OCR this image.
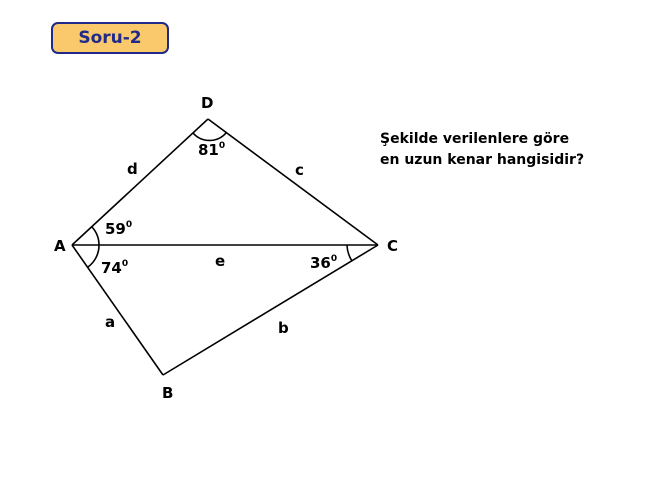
Soru-2
Şekilde verilenlere göre
en uzun kenar hangisidir?
D
A	C
B
d	c
e
a	b
$81^0$
$59^0$
$74^0$	$36^0$
